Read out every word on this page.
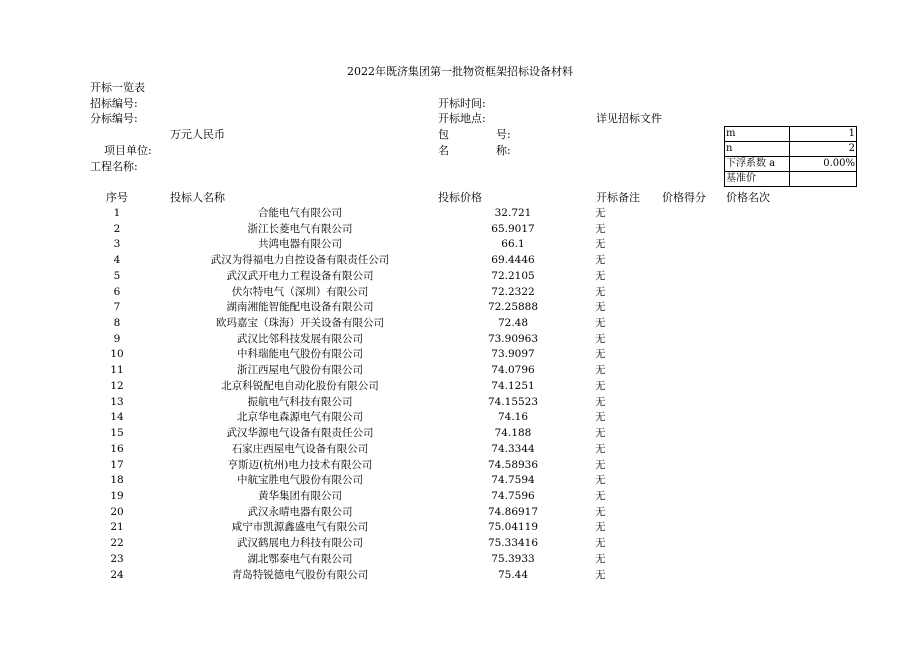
2022年既济集团第一批物资框架招标设备材料
开标一览表
招标编号:
分标编号:
万元人民币
项目单位:
工程名称:
开标时间:
开标地点:	详见招标文件
包	号:
名	称:
m	1
n	2
下浮系数 a	0.00%
基准价	
序号	投标人名称	投标价格	开标备注 价格得分 价格名次
1	合能电气有限公司	32.721	无
2	浙江长菱电气有限公司	65.9017	无
3	共鸿电器有限公司	66.1	无
4	武汉为得福电力自控设备有限责任公司	69.4446	无
5	武汉武开电力工程设备有限公司	72.2105	无
6	伏尔特电气（深圳）有限公司	72.2322	无
7	湖南湘能智能配电设备有限公司	72.25888	无
8	欧玛嘉宝（珠海）开关设备有限公司	72.48	无
9	武汉比邻科技发展有限公司	73.90963	无
10	中科瑞能电气股份有限公司	73.9097	无
11	浙江西屋电气股份有限公司	74.0796	无
12	北京科锐配电自动化股份有限公司	74.1251	无
13	振航电气科技有限公司	74.15523	无
14	北京华电森源电气有限公司	74.16	无
15	武汉华源电气设备有限责任公司	74.188	无
16	石家庄西屋电气设备有限公司	74.3344	无
17	亨斯迈(杭州)电力技术有限公司	74.58936	无
18	中航宝胜电气股份有限公司	74.7594	无
19	黄华集团有限公司	74.7596	无
20	武汉永晴电器有限公司	74.86917	无
21	咸宁市凯源鑫盛电气有限公司	75.04119	无
22	武汉鹤展电力科技有限公司	75.33416	无
23	湖北鄂泰电气有限公司	75.3933	无
24	青岛特锐德电气股份有限公司	75.44	无
